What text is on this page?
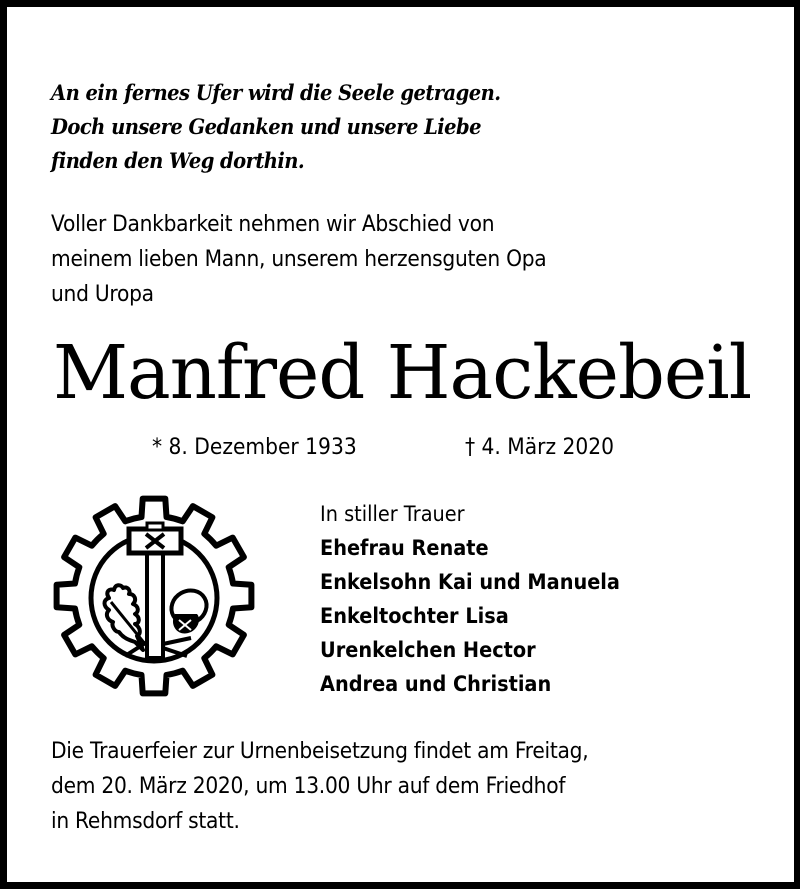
An ein fernes Ufer wird die Seele getragen.
Doch unsere Gedanken und unsere Liebe
finden den Weg dorthin.
Voller Dankbarkeit nehmen wir Abschied von
meinem lieben Mann, unserem herzensguten Opa
und Uropa
Manfred Hackebeil
* 8. Dezember 1933	† 4. März 2020
In stiller Trauer
Ehefrau Renate
Enkelsohn Kai und Manuela
Enkeltochter Lisa
Urenkelchen Hector
Andrea und Christian
Die Trauerfeier zur Urnenbeisetzung findet am Freitag,
dem 20. März 2020, um 13.00 Uhr auf dem Friedhof
in Rehmsdorf statt.
